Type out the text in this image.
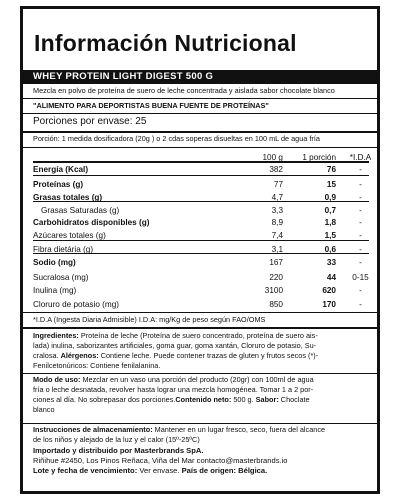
Información Nutricional
WHEY PROTEIN LIGHT DIGEST 500 G
Mezcla en polvo de proteína de suero de leche concentrada y aislada sabor chocolate blanco
"ALIMENTO PARA DEPORTISTAS BUENA FUENTE DE PROTEÍNAS"
Porciones por envase: 25
Porción: 1 medida dosificadora (20g ) o 2 cdas soperas disueltas en 100 mL de agua fría
100 g	1 porción	*I.D.A
Energía (Kcal)	382	76	-
Proteínas (g)	77	15	-
Grasas totales (g)	4,7	0,9	-
Grasas Saturadas (g)	3,3	0,7	-
Carbohidratos disponibles (g)	8,9	1,8	-
Azúcares totales (g)	7,4	1,5	-
Fibra dietária (g)	3,1	0,6	-
Sodio (mg)	167	33	-
Sucralosa (mg)	220	44	0-15
Inulina (mg)	3100	620	-
Cloruro de potasio (mg)	850	170	-
*I.D.A (Ingesta Diaria Admisible) I.D.A: mg/Kg de peso según FAO/OMS
Ingredientes: Proteína de leche (Proteína de suero concentrado, proteína de suero ais-
lada) inulina, saborizantes artificiales, goma guar, goma xantán, Cloruro de potasio, Su-
cralosa. Alérgenos: Contiene leche. Puede contener trazas de gluten y frutos secos (*)-
Fenilcetonúricos: Contiene fenilalanina.
Modo de uso: Mezclar en un vaso una porción del producto (20gr) con 100ml de agua
fría o leche desnatada, revolver hasta lograr una mezcla homogénea. Tomar 1 a 2 por-
ciones al día. No sobrepasar dos porciones.Contenido neto: 500 g. Sabor: Choclate
blanco
Instrucciones de almacenamiento: Mantener en un lugar fresco, seco, fuera del alcance
de los niños y alejado de la luz y el calor (15º-25ºC)
Importado y distribuido por Masterbrands SpA.
Riñihue #2450, Los Pinos Reñaca, Viña del Mar contacto@masterbrands.io
Lote y fecha de vencimiento: Ver envase. País de origen: Bélgica.
